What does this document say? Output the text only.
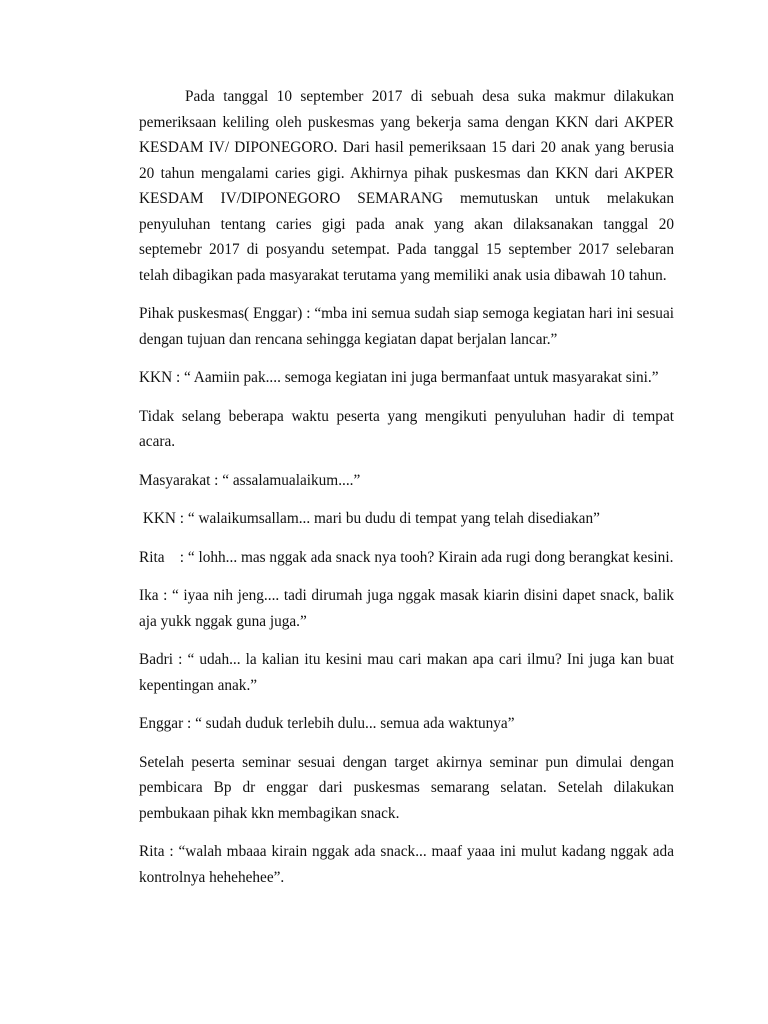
Pada tanggal 10 september 2017 di sebuah desa suka makmur dilakukan pemeriksaan keliling oleh puskesmas yang bekerja sama dengan KKN dari AKPER KESDAM IV/ DIPONEGORO. Dari hasil pemeriksaan 15 dari 20 anak yang berusia 20 tahun mengalami caries gigi. Akhirnya pihak puskesmas dan KKN dari AKPER KESDAM IV/DIPONEGORO SEMARANG memutuskan untuk melakukan penyuluhan tentang caries gigi pada anak yang akan dilaksanakan tanggal 20 septemebr 2017 di posyandu setempat. Pada tanggal 15 september 2017 selebaran telah dibagikan pada masyarakat terutama yang memiliki anak usia dibawah 10 tahun.

Pihak puskesmas( Enggar) : “mba ini semua sudah siap semoga kegiatan hari ini sesuai dengan tujuan dan rencana sehingga kegiatan dapat berjalan lancar.”

KKN : “ Aamiin pak.... semoga kegiatan ini juga bermanfaat untuk masyarakat sini.”

Tidak selang beberapa waktu peserta yang mengikuti penyuluhan hadir di tempat acara.

Masyarakat : “ assalamualaikum....”

KKN : “ walaikumsallam... mari bu dudu di tempat yang telah disediakan”

Rita    : “ lohh... mas nggak ada snack nya tooh? Kirain ada rugi dong berangkat kesini.

Ika : “ iyaa nih jeng.... tadi dirumah juga nggak masak kiarin disini dapet snack, balik aja yukk nggak guna juga.”

Badri : “ udah... la kalian itu kesini mau cari makan apa cari ilmu? Ini juga kan buat kepentingan anak.”

Enggar : “ sudah duduk terlebih dulu... semua ada waktunya”

Setelah peserta seminar sesuai dengan target akirnya seminar pun dimulai dengan pembicara Bp dr enggar dari puskesmas semarang selatan. Setelah dilakukan pembukaan pihak kkn membagikan snack.

Rita : “walah mbaaa kirain nggak ada snack... maaf yaaa ini mulut kadang nggak ada kontrolnya hehehehee”.
